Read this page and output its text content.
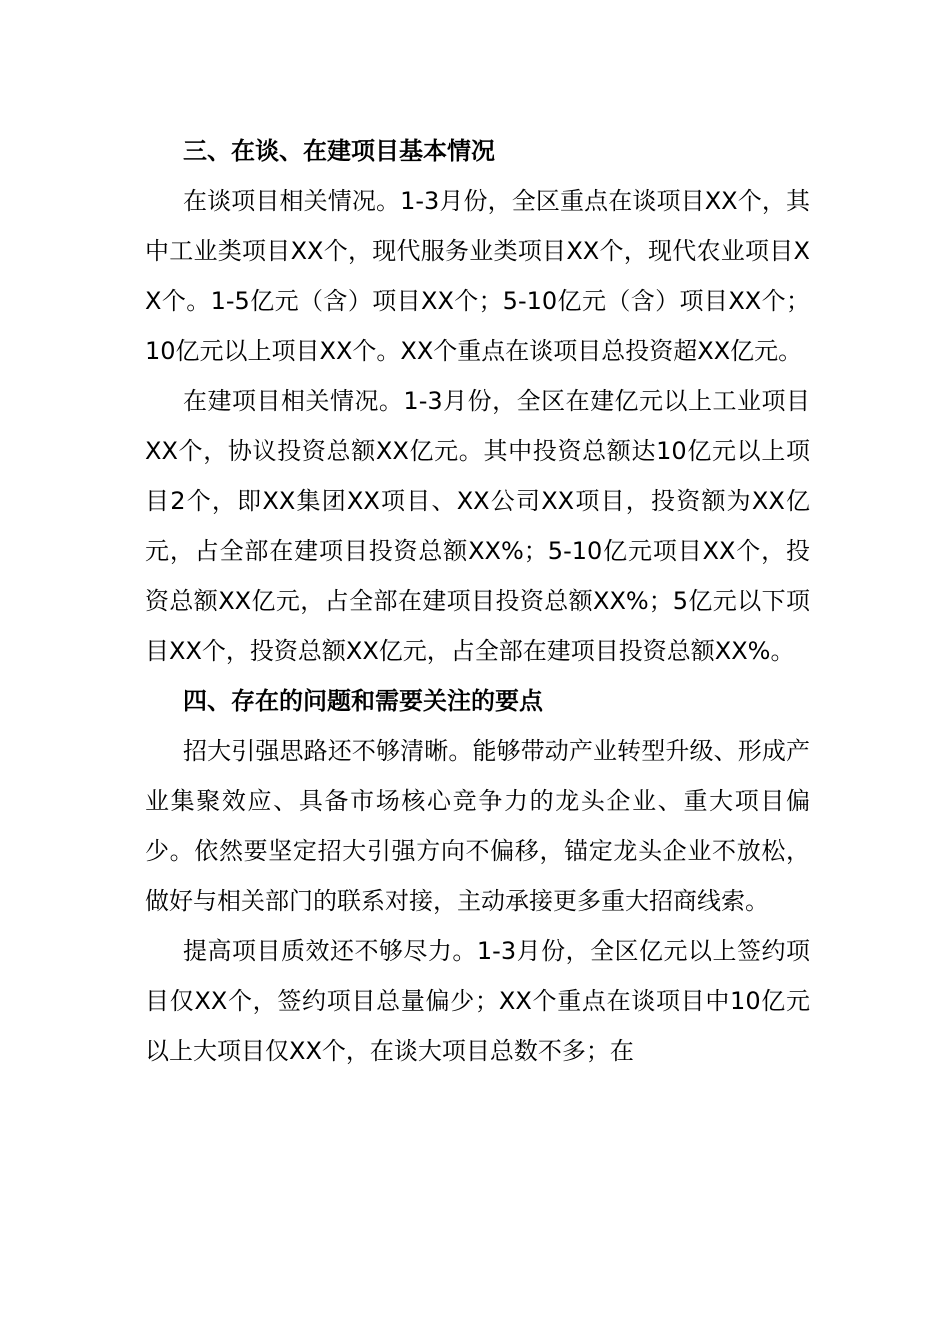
三、在谈、在建项目基本情况

在谈项目相关情况。1-3月份，全区重点在谈项目XX个，其中工业类项目XX个，现代服务业类项目XX个，现代农业项目XX个。1-5亿元（含）项目XX个；5-10亿元（含）项目XX个；10亿元以上项目XX个。XX个重点在谈项目总投资超XX亿元。

在建项目相关情况。1-3月份，全区在建亿元以上工业项目XX个，协议投资总额XX亿元。其中投资总额达10亿元以上项目2个，即XX集团XX项目、XX公司XX项目，投资额为XX亿元，占全部在建项目投资总额XX%；5-10亿元项目XX个，投资总额XX亿元，占全部在建项目投资总额XX%；5亿元以下项目XX个，投资总额XX亿元，占全部在建项目投资总额XX%。

四、存在的问题和需要关注的要点

招大引强思路还不够清晰。能够带动产业转型升级、形成产业集聚效应、具备市场核心竞争力的龙头企业、重大项目偏少。依然要坚定招大引强方向不偏移，锚定龙头企业不放松，做好与相关部门的联系对接，主动承接更多重大招商线索。

提高项目质效还不够尽力。1-3月份，全区亿元以上签约项目仅XX个，签约项目总量偏少；XX个重点在谈项目中10亿元以上大项目仅XX个，在谈大项目总数不多；在
